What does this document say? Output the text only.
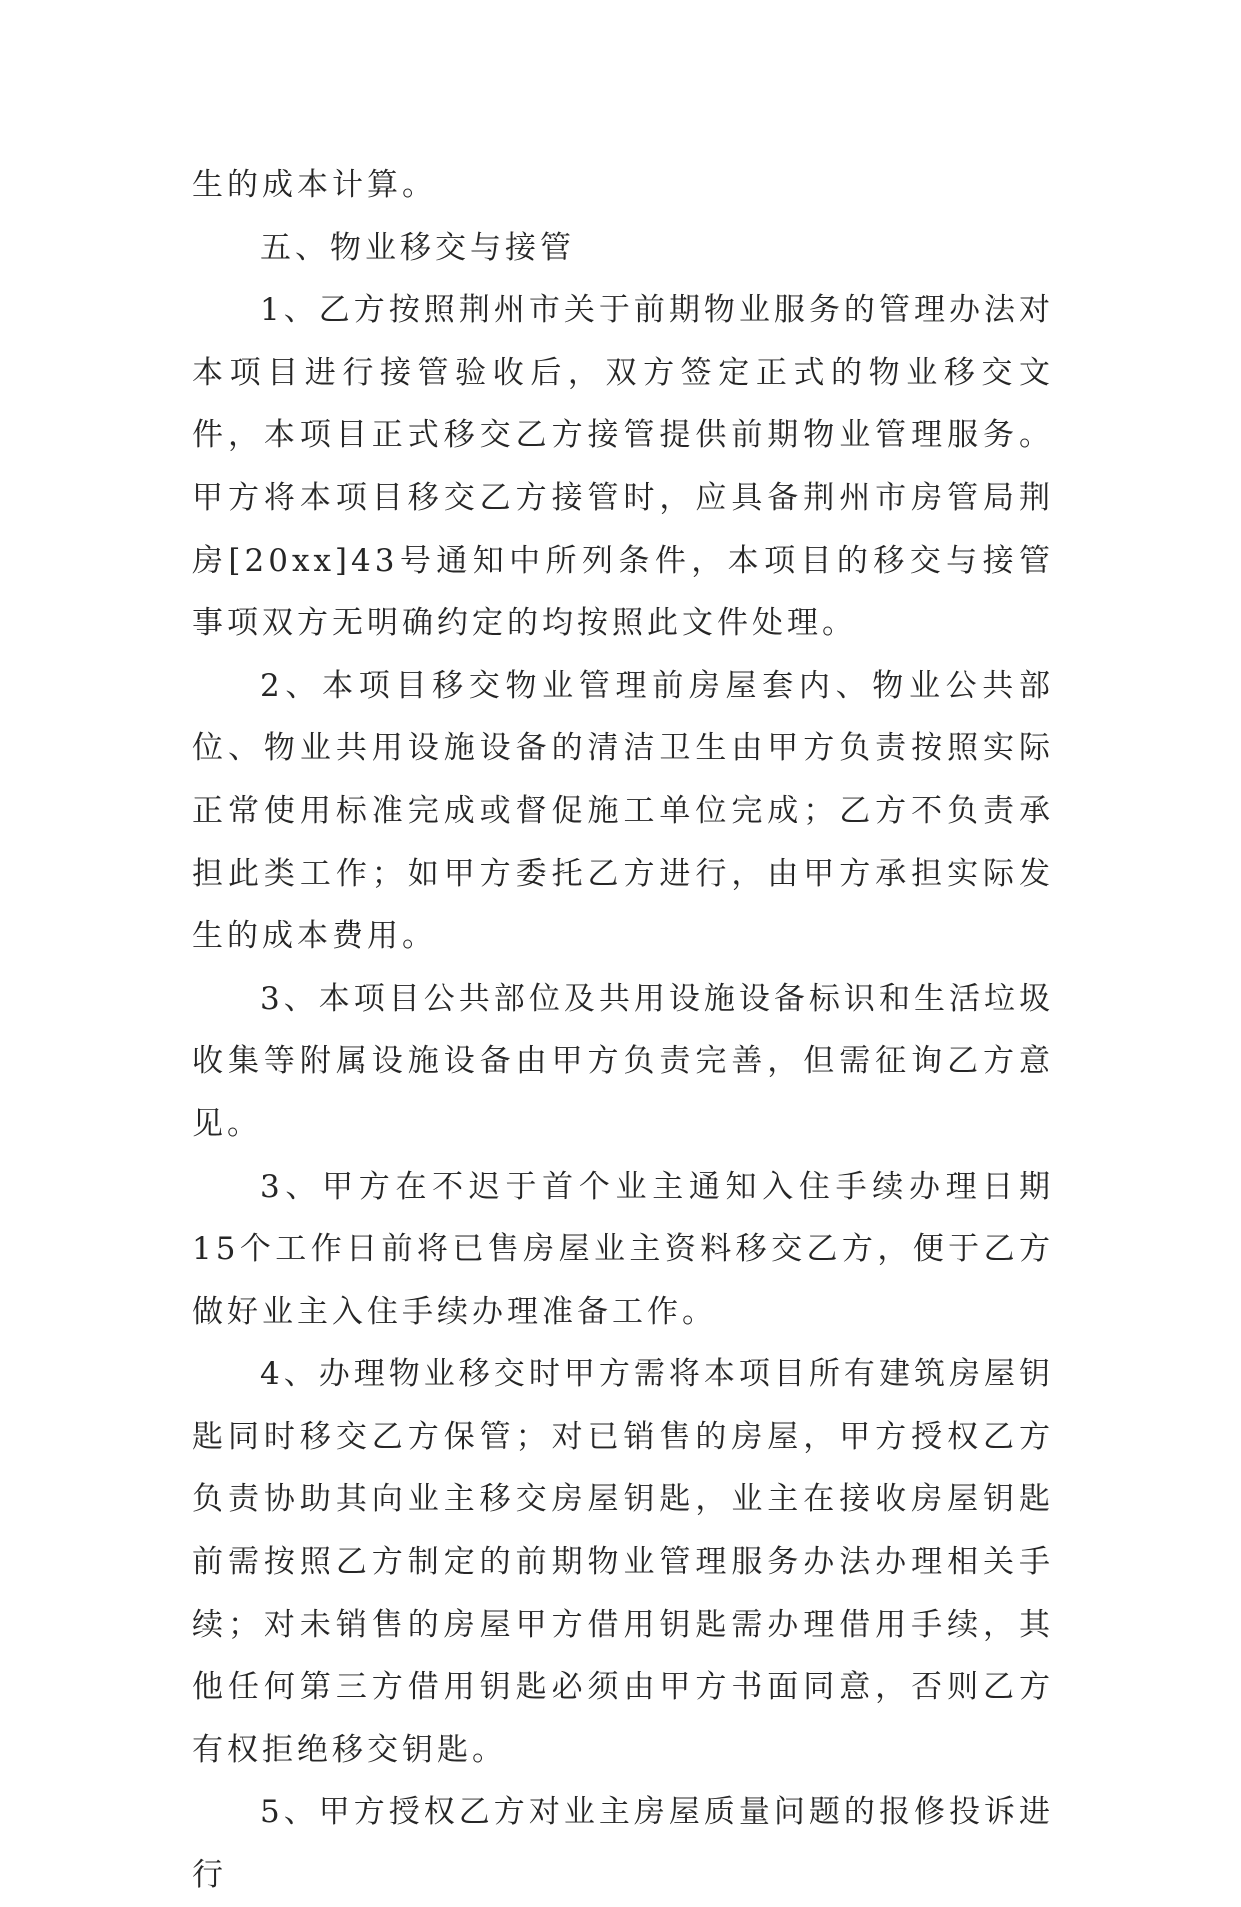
生的成本计算。

五、物业移交与接管

1、乙方按照荆州市关于前期物业服务的管理办法对本项目进行接管验收后，双方签定正式的物业移交文件，本项目正式移交乙方接管提供前期物业管理服务。甲方将本项目移交乙方接管时，应具备荆州市房管局荆房[20xx]43号通知中所列条件，本项目的移交与接管事项双方无明确约定的均按照此文件处理。

2、本项目移交物业管理前房屋套内、物业公共部位、物业共用设施设备的清洁卫生由甲方负责按照实际正常使用标准完成或督促施工单位完成；乙方不负责承担此类工作；如甲方委托乙方进行，由甲方承担实际发生的成本费用。

3、本项目公共部位及共用设施设备标识和生活垃圾收集等附属设施设备由甲方负责完善，但需征询乙方意见。

3、甲方在不迟于首个业主通知入住手续办理日期15个工作日前将已售房屋业主资料移交乙方，便于乙方做好业主入住手续办理准备工作。

4、办理物业移交时甲方需将本项目所有建筑房屋钥匙同时移交乙方保管；对已销售的房屋，甲方授权乙方负责协助其向业主移交房屋钥匙，业主在接收房屋钥匙前需按照乙方制定的前期物业管理服务办法办理相关手续；对未销售的房屋甲方借用钥匙需办理借用手续，其他任何第三方借用钥匙必须由甲方书面同意，否则乙方有权拒绝移交钥匙。

5、甲方授权乙方对业主房屋质量问题的报修投诉进行
